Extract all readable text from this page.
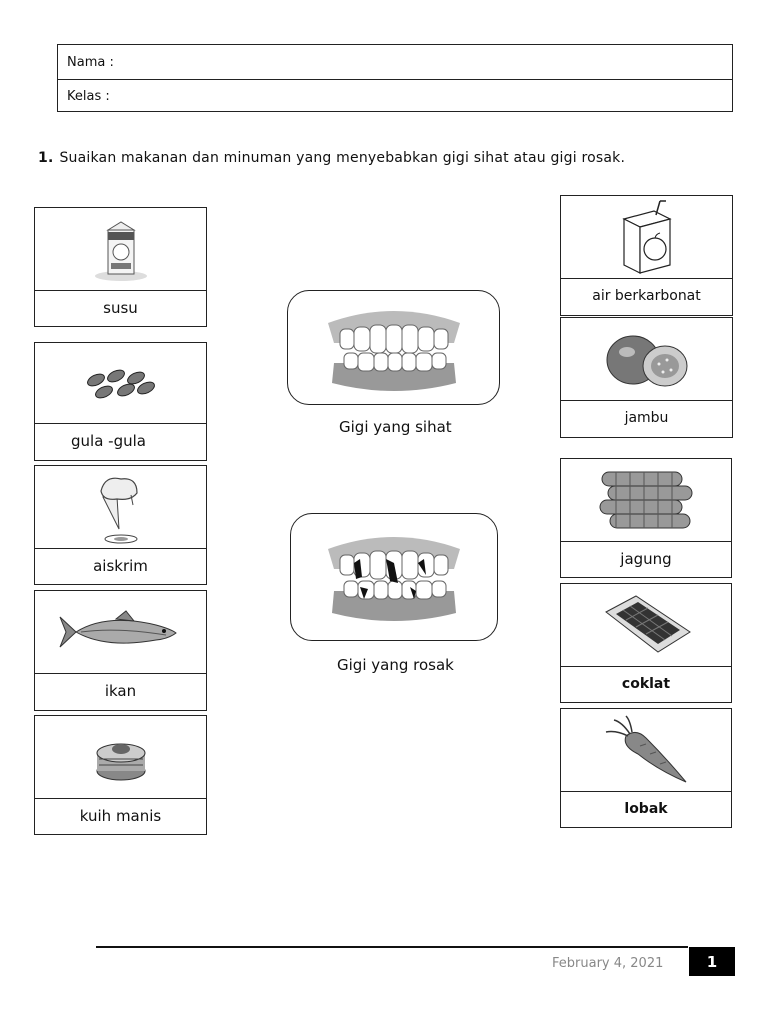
Nama :
Kelas :
1. Suaikan makanan dan minuman yang menyebabkan gigi sihat atau gigi rosak.
susu
gula -gula
aiskrim
ikan
kuih manis
Gigi yang sihat
Gigi yang rosak
air berkarbonat
jambu
jagung
coklat
lobak
February 4, 2021	1
